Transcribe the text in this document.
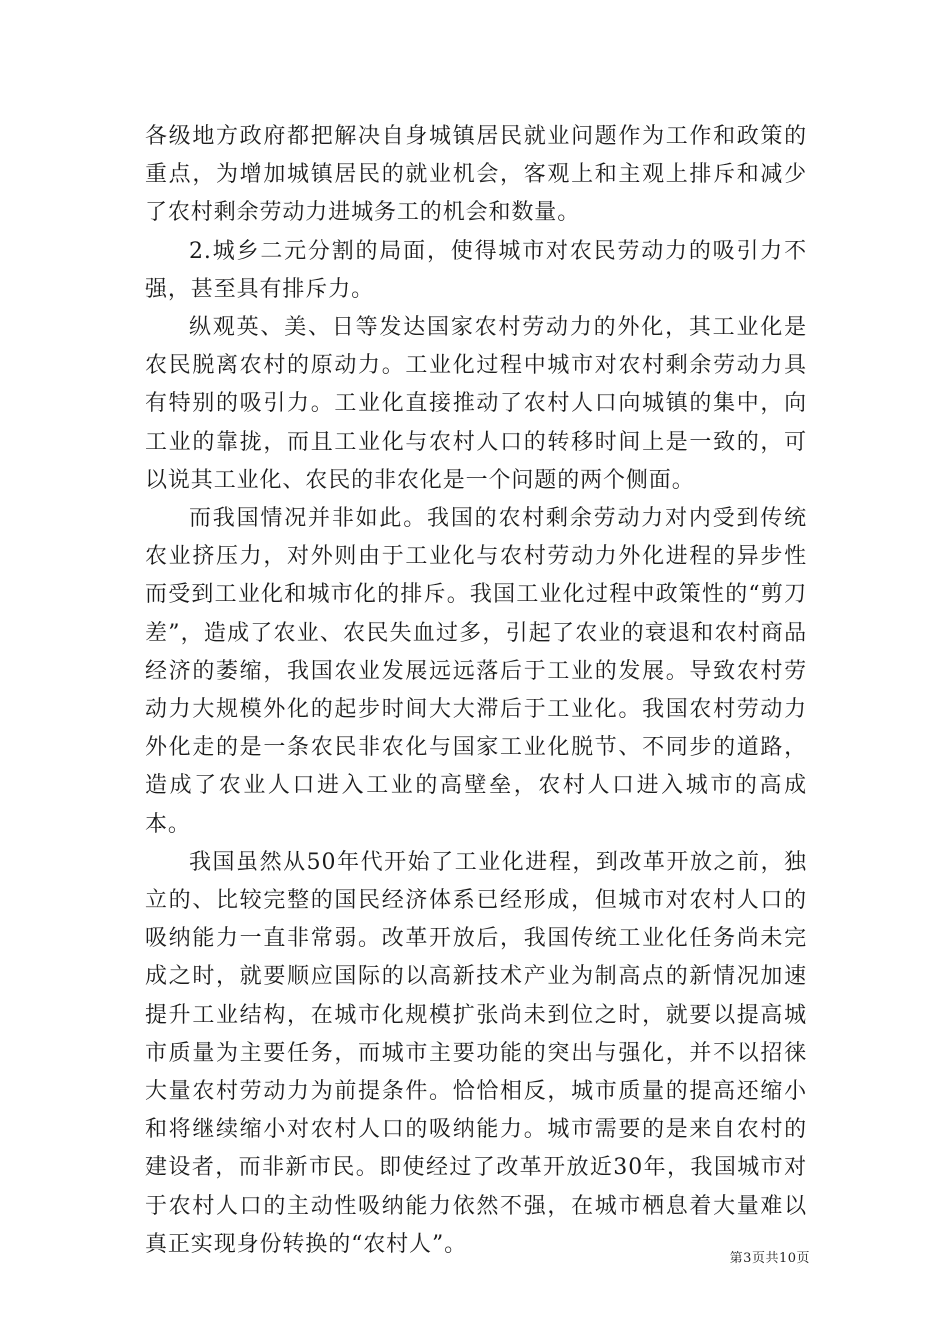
各级地方政府都把解决自身城镇居民就业问题作为工作和政策的重点，为增加城镇居民的就业机会，客观上和主观上排斥和减少了农村剩余劳动力进城务工的机会和数量。

2.城乡二元分割的局面，使得城市对农民劳动力的吸引力不强，甚至具有排斥力。

纵观英、美、日等发达国家农村劳动力的外化，其工业化是农民脱离农村的原动力。工业化过程中城市对农村剩余劳动力具有特别的吸引力。工业化直接推动了农村人口向城镇的集中，向工业的靠拢，而且工业化与农村人口的转移时间上是一致的，可以说其工业化、农民的非农化是一个问题的两个侧面。

而我国情况并非如此。我国的农村剩余劳动力对内受到传统农业挤压力，对外则由于工业化与农村劳动力外化进程的异步性而受到工业化和城市化的排斥。我国工业化过程中政策性的“剪刀差”，造成了农业、农民失血过多，引起了农业的衰退和农村商品经济的萎缩，我国农业发展远远落后于工业的发展。导致农村劳动力大规模外化的起步时间大大滞后于工业化。我国农村劳动力外化走的是一条农民非农化与国家工业化脱节、不同步的道路，造成了农业人口进入工业的高壁垒，农村人口进入城市的高成本。

我国虽然从50年代开始了工业化进程，到改革开放之前，独立的、比较完整的国民经济体系已经形成，但城市对农村人口的吸纳能力一直非常弱。改革开放后，我国传统工业化任务尚未完成之时，就要顺应国际的以高新技术产业为制高点的新情况加速提升工业结构，在城市化规模扩张尚未到位之时，就要以提高城市质量为主要任务，而城市主要功能的突出与强化，并不以招徕大量农村劳动力为前提条件。恰恰相反，城市质量的提高还缩小和将继续缩小对农村人口的吸纳能力。城市需要的是来自农村的建设者，而非新市民。即使经过了改革开放近30年，我国城市对于农村人口的主动性吸纳能力依然不强，在城市栖息着大量难以真正实现身份转换的“农村人”。

第3页共10页
